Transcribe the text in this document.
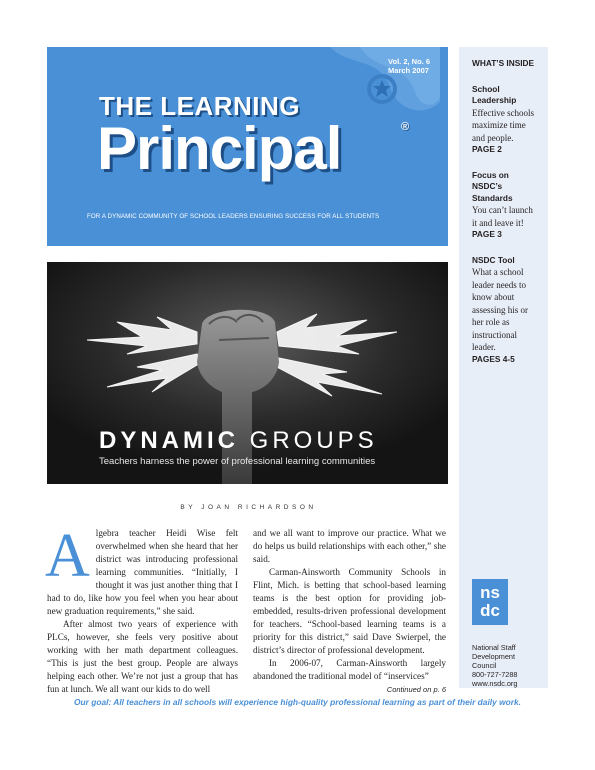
Vol. 2, No. 6
March 2007
THE LEARNING
Principal	®
FOR A DYNAMIC COMMUNITY OF SCHOOL LEADERS ENSURING SUCCESS FOR ALL STUDENTS
DYNAMIC GROUPS
Teachers harness the power of professional learning communities
BY JOAN RICHARDSON

Algebra teacher Heidi Wise felt overwhelmed when she heard that her district was introducing professional learning communities. “Initially, I thought it was just another thing that I had to do, like how you feel when you hear about new graduation requirements,” she said.

After almost two years of experience with PLCs, however, she feels very positive about working with her math department colleagues. “This is just the best group. People are always helping each other. We’re not just a group that has fun at lunch. We all want our kids to do well

and we all want to improve our practice. What we do helps us build relationships with each other,” she said.

Carman-Ainsworth Community Schools in Flint, Mich. is betting that school-based learning teams is the best option for providing job-embedded, results-driven professional development for teachers. “School-based learning teams is a priority for this district,” said Dave Swierpel, the district’s director of professional development.

In 2006-07, Carman-Ainsworth largely abandoned the traditional model of “inservices”

Continued on p. 6

WHAT’S INSIDE
School Leadership
Effective schools maximize time and people.
PAGE 2
Focus on NSDC’s Standards
You can’t launch it and leave it!
PAGE 3
NSDC Tool
What a school leader needs to know about assessing his or her role as instructional leader.
PAGES 4-5
ns
dc
National Staff
Development
Council
800-727-7288
www.nsdc.org
Our goal: All teachers in all schools will experience high-quality professional learning as part of their daily work.
